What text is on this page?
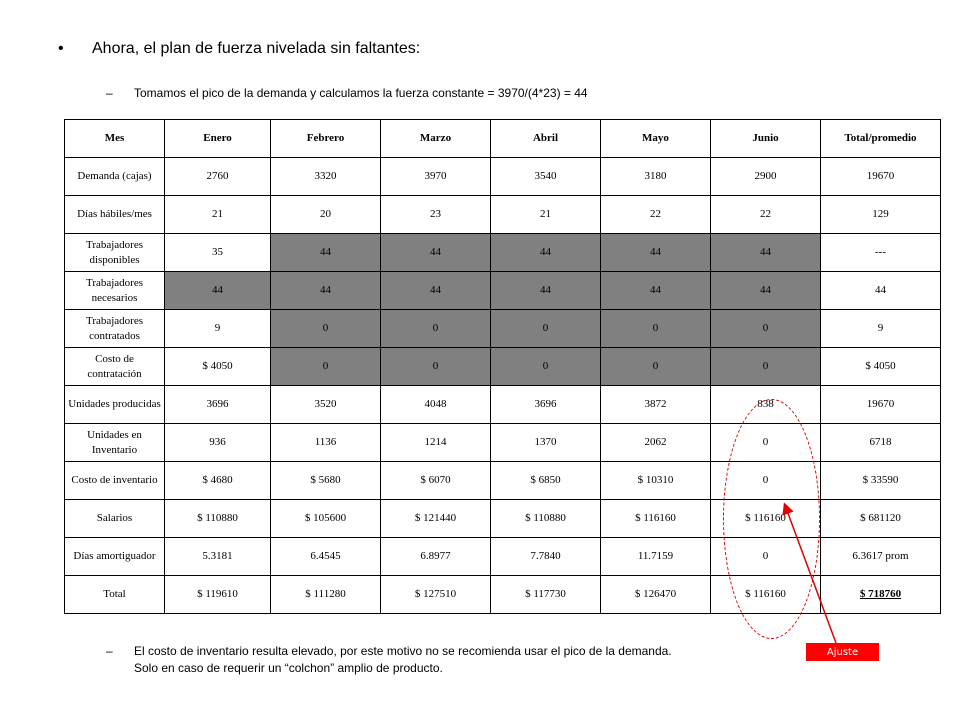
•	Ahora, el plan de fuerza nivelada sin faltantes:
–	Tomamos el pico de la demanda y calculamos la fuerza constante = 3970/(4*23) = 44
Mes	Enero	Febrero	Marzo	Abril	Mayo	Junio	Total/promedio
Demanda (cajas)	2760	3320	3970	3540	3180	2900	19670
Días hábiles/mes	21	20	23	21	22	22	129
Trabajadores disponibles	35	44	44	44	44	44	---
Trabajadores necesarios	44	44	44	44	44	44	44
Trabajadores contratados	9	0	0	0	0	0	9
Costo de contratación	$ 4050	0	0	0	0	0	$ 4050
Unidades producidas	3696	3520	4048	3696	3872	838	19670
Unidades en Inventario	936	1136	1214	1370	2062	0	6718
Costo de inventario	$ 4680	$ 5680	$ 6070	$ 6850	$ 10310	0	$ 33590
Salarios	$ 110880	$ 105600	$ 121440	$ 110880	$ 116160	$ 116160	$ 681120
Días amortiguador	5.3181	6.4545	6.8977	7.7840	11.7159	0	6.3617 prom
Total	$ 119610	$ 111280	$ 127510	$ 117730	$ 126470	$ 116160	$ 718760
–	El costo de inventario resulta elevado, por este motivo no se recomienda usar el pico de la demanda.
Solo en caso de requerir un “colchon” amplio de producto.
Ajuste
